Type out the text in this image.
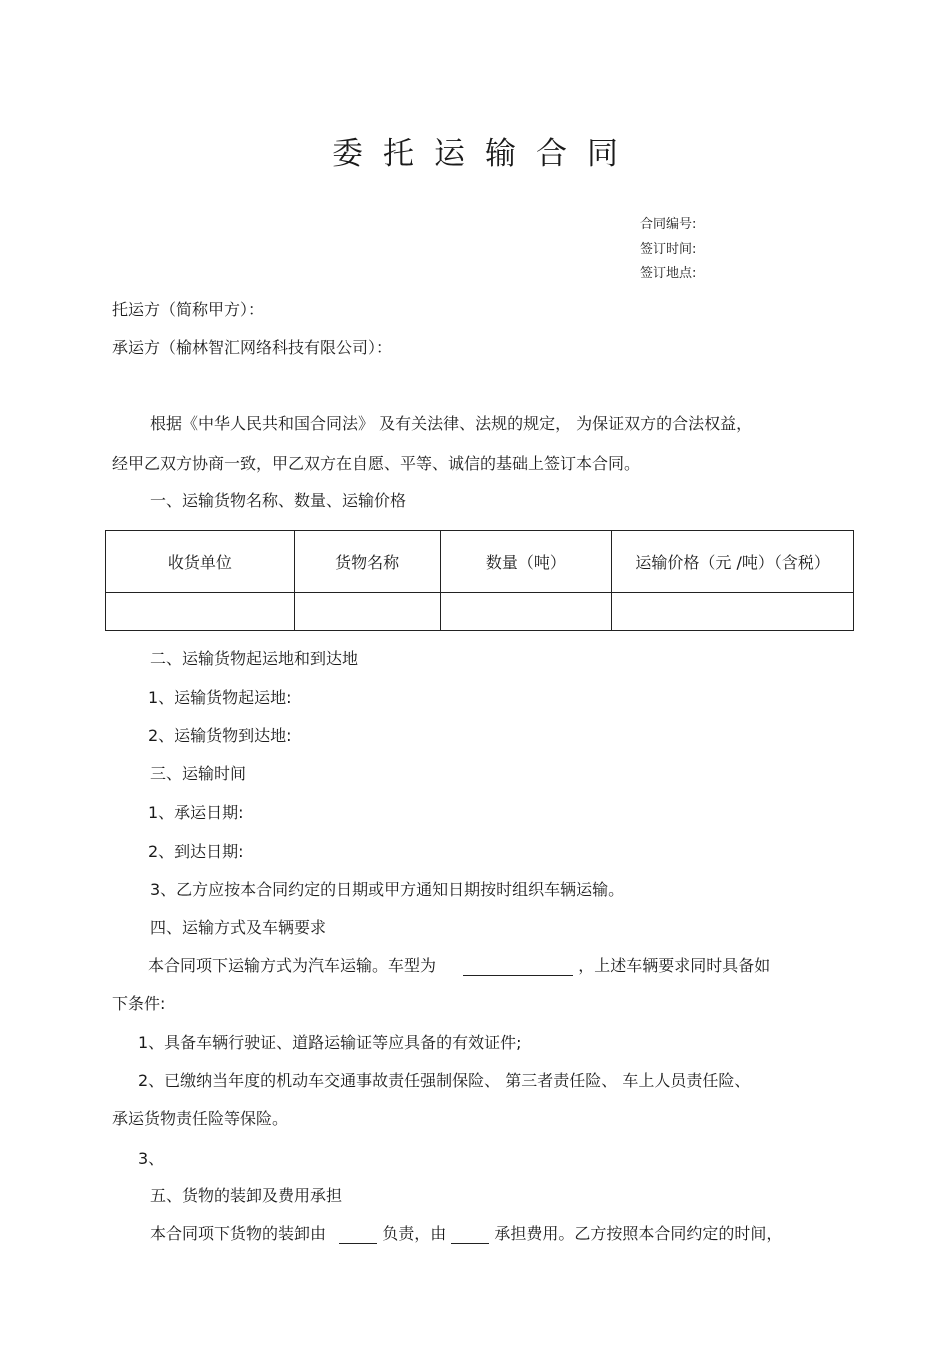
委托运输合同
合同编号:
签订时间:
签订地点:
托运方（简称甲方）：
承运方（榆林智汇网络科技有限公司）：
根据《中华人民共和国合同法》 及有关法律、法规的规定， 为保证双方的合法权益，
经甲乙双方协商一致，甲乙双方在自愿、平等、诚信的基础上签订本合同。
一、运输货物名称、数量、运输价格
收货单位	货物名称	数量（吨）	运输价格（元 /吨）（含税）

二、运输货物起运地和到达地
1、运输货物起运地:
2、运输货物到达地:
三、运输时间
1、承运日期:
2、到达日期:
3、乙方应按本合同约定的日期或甲方通知日期按时组织车辆运输。
四、运输方式及车辆要求
本合同项下运输方式为汽车运输。车型为	，上述车辆要求同时具备如
下条件:
1、具备车辆行驶证、道路运输证等应具备的有效证件;
2、已缴纳当年度的机动车交通事故责任强制保险、 第三者责任险、 车上人员责任险、
承运货物责任险等保险。
3、
五、货物的装卸及费用承担
本合同项下货物的装卸由	负责，由	承担费用。乙方按照本合同约定的时间，
